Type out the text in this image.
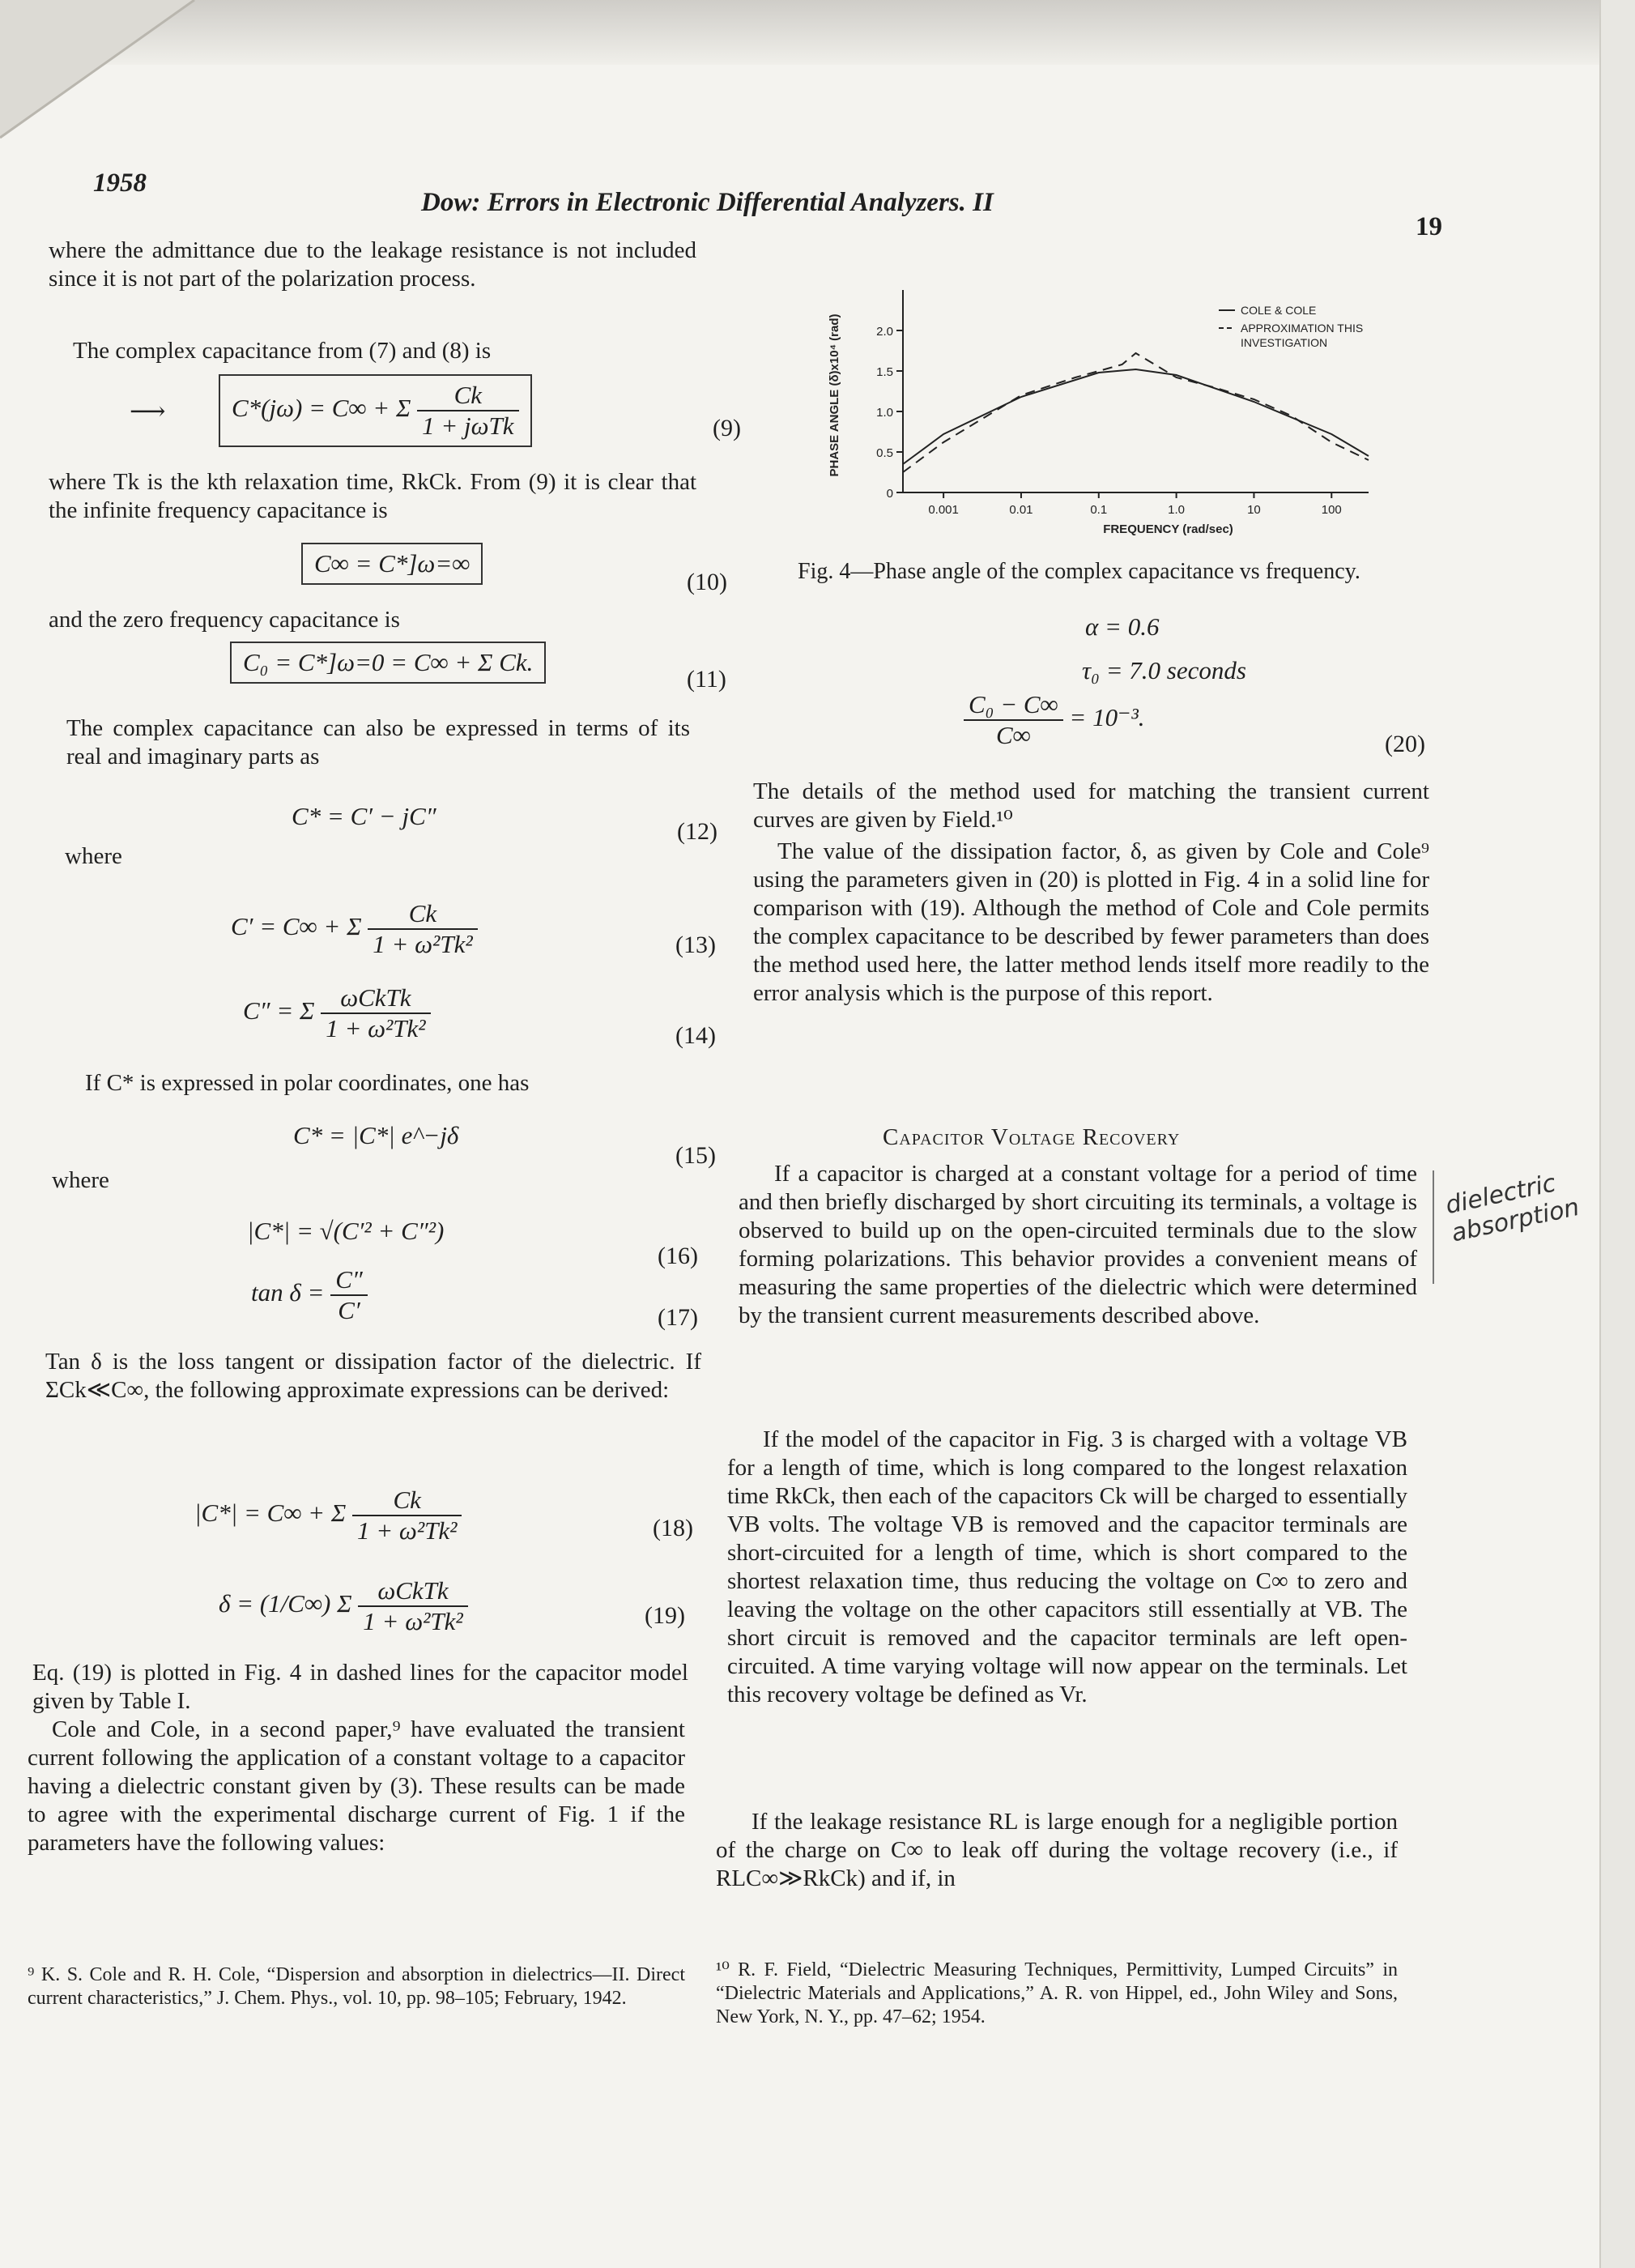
1958
Dow: Errors in Electronic Differential Analyzers. II
19
where the admittance due to the leakage resistance is not included since it is not part of the polarization process.
The complex capacitance from (7) and (8) is
⟶	C*(jω) = C∞ + Σ $\frac{Ck}{\text{1 + jωTk}}$	(9)
where Tk is the kth relaxation time, RkCk. From (9) it is clear that the infinite frequency capacitance is
C∞ = C*]ω=∞
(10)
and the zero frequency capacitance is
C₀ = C*]ω=0 = C∞ + Σ Ck.
(11)
The complex capacitance can also be expressed in terms of its real and imaginary parts as
C* = C′ − jC″
(12)
where
C′ = C∞ + Σ $\frac{Ck}{\text{1 + ω²Tk²}}$	(13)
C″ = Σ $\frac{\text{ωCkTk}}{\text{1 + ω²Tk²}}$	(14)
If C* is expressed in polar coordinates, one has
C* = |C*| e^−jδ
(15)
where
|C*| = √(C′² + C″²)
(16)
$\tan \delta = \frac{C''}{C'}$	(17)
Tan δ is the loss tangent or dissipation factor of the dielectric. If ΣCk≪C∞, the following approximate expressions can be derived:
|C*| = C∞ + Σ $\frac{Ck}{\text{1 + ω²Tk²}}$	(18)
δ = (1/C∞) Σ $\frac{\text{ωCkTk}}{\text{1 + ω²Tk²}}$	(19)
Eq. (19) is plotted in Fig. 4 in dashed lines for the capacitor model given by Table I.
Cole and Cole, in a second paper,⁹ have evaluated the transient current following the application of a constant voltage to a capacitor having a dielectric constant given by (3). These results can be made to agree with the experimental discharge current of Fig. 1 if the parameters have the following values:
⁹ K. S. Cole and R. H. Cole, “Dispersion and absorption in dielectrics—II. Direct current characteristics,” J. Chem. Phys., vol. 10, pp. 98–105; February, 1942.
0
0.5
1.0
1.5
2.0
0.001	0.01	0.1	1.0	10	100
FREQUENCY (rad/sec)
PHASE ANGLE (δ)x10⁴ (rad)
COLE & COLE
APPROXIMATION THIS
INVESTIGATION
Fig. 4—Phase angle of the complex capacitance vs frequency.
α = 0.6
τ₀ = 7.0 seconds
$\frac{\text{C₀ − C∞}}{C\infty} = 10^{-3}$.
(20)
The details of the method used for matching the transient current curves are given by Field.¹⁰
The value of the dissipation factor, δ, as given by Cole and Cole⁹ using the parameters given in (20) is plotted in Fig. 4 in a solid line for comparison with (19). Although the method of Cole and Cole permits the complex capacitance to be described by fewer parameters than does the method used here, the latter method lends itself more readily to the error analysis which is the purpose of this report.
Capacitor Voltage Recovery
If a capacitor is charged at a constant voltage for a period of time and then briefly discharged by short circuiting its terminals, a voltage is observed to build up on the open-circuited terminals due to the slow forming polarizations. This behavior provides a convenient means of measuring the same properties of the dielectric which were determined by the transient current measurements described above.
If the model of the capacitor in Fig. 3 is charged with a voltage VB for a length of time, which is long compared to the longest relaxation time RkCk, then each of the capacitors Ck will be charged to essentially VB volts. The voltage VB is removed and the capacitor terminals are short-circuited for a length of time, which is short compared to the shortest relaxation time, thus reducing the voltage on C∞ to zero and leaving the voltage on the other capacitors still essentially at VB. The short circuit is removed and the capacitor terminals are left open-circuited. A time varying voltage will now appear on the terminals. Let this recovery voltage be defined as Vr.
If the leakage resistance RL is large enough for a negligible portion of the charge on C∞ to leak off during the voltage recovery (i.e., if RLC∞≫RkCk) and if, in
¹⁰ R. F. Field, “Dielectric Measuring Techniques, Permittivity, Lumped Circuits” in “Dielectric Materials and Applications,” A. R. von Hippel, ed., John Wiley and Sons, New York, N. Y., pp. 47–62; 1954.
dielectric absorption
